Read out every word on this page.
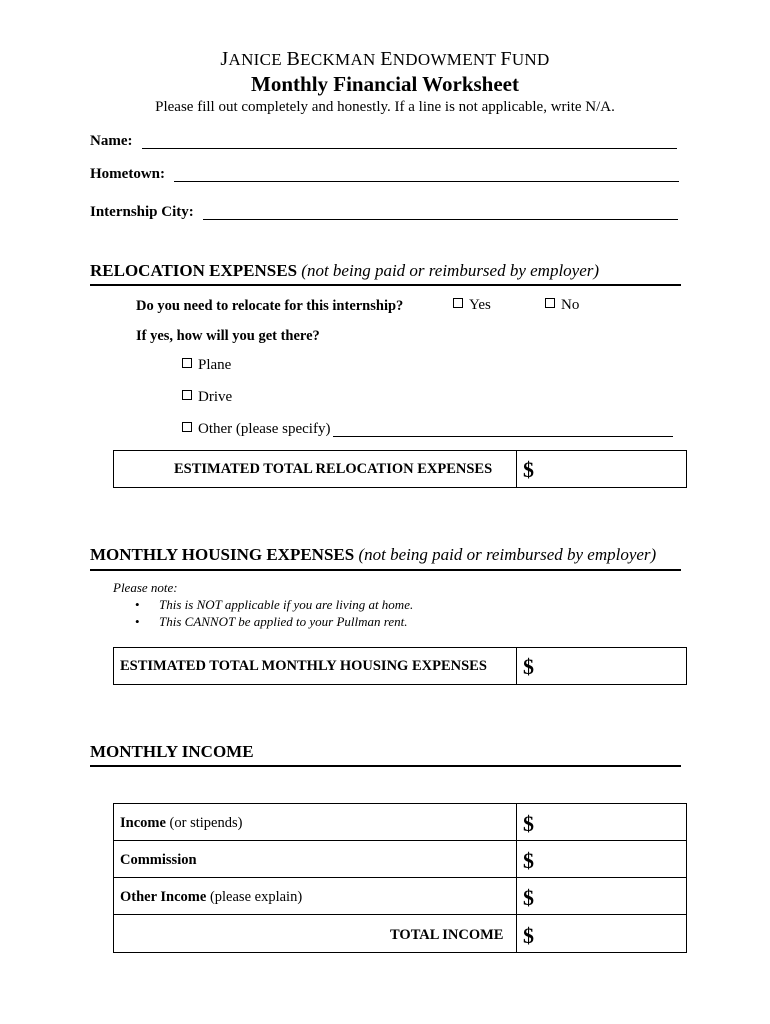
JANICE BECKMAN ENDOWMENT FUND
Monthly Financial Worksheet
Please fill out completely and honestly. If a line is not applicable, write N/A.
Name:
Hometown:
Internship City:
RELOCATION EXPENSES (not being paid or reimbursed by employer)
Do you need to relocate for this internship?	Yes	No
If yes, how will you get there?
Plane
Drive
Other (please specify)
ESTIMATED TOTAL RELOCATION EXPENSES $
MONTHLY HOUSING EXPENSES (not being paid or reimbursed by employer)
Please note:
• This is NOT applicable if you are living at home.
• This CANNOT be applied to your Pullman rent.
ESTIMATED TOTAL MONTHLY HOUSING EXPENSES $
MONTHLY INCOME
Income (or stipends)	$
Commission	$
Other Income (please explain)	$
TOTAL INCOME $
